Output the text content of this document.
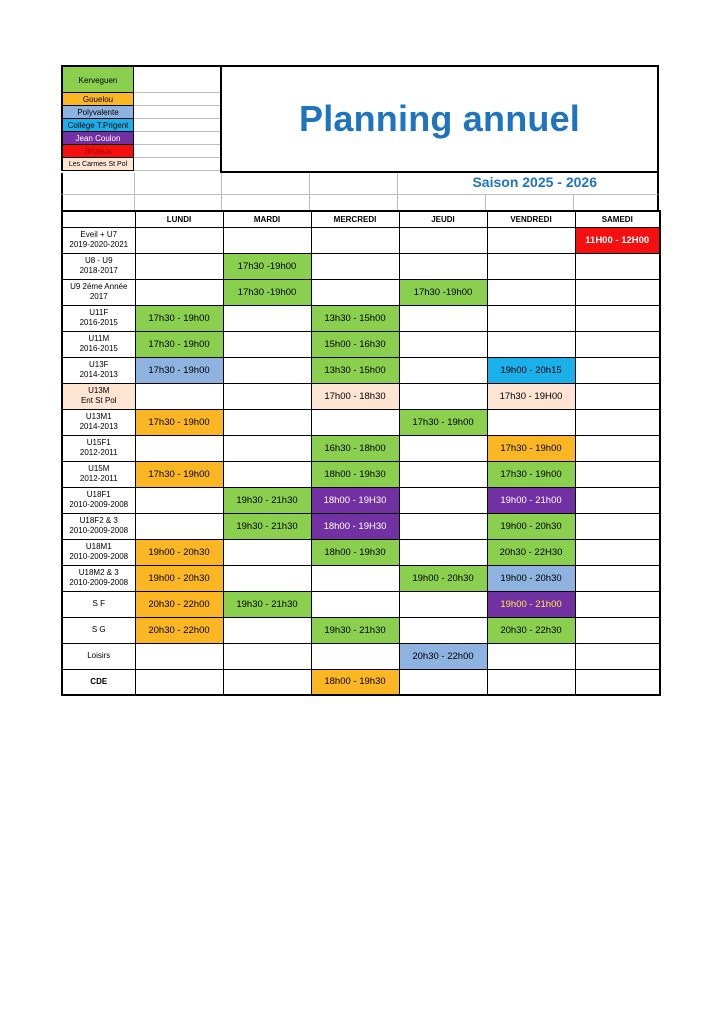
Kerveguen
Gouelou
Polyvalente
Collège T.Prigent
Jean Coulon
Brizeux
Les Carmes St Pol
Planning annuel
Saison 2025 - 2026
	LUNDI	MARDI	MERCREDI	JEUDI	VENDREDI	SAMEDI
Eveil + U7
2019-2020-2021						11H00 - 12H00
U8 - U9
2018-2017		17h30 -19h00				
U9 2éme Année
2017		17h30 -19h00		17h30 -19h00		
U11F
2016-2015	17h30 - 19h00		13h30 - 15h00			
U11M
2016-2015	17h30 - 19h00		15h00 - 16h30			
U13F
2014-2013	17h30 - 19h00		13h30 - 15h00		19h00 - 20h15	
U13M
Ent St Pol			17h00 - 18h30		17h30 - 19H00	
U13M1
2014-2013	17h30 - 19h00			17h30 - 19h00		
U15F1
2012-2011			16h30 - 18h00		17h30 - 19h00	
U15M
2012-2011	17h30 - 19h00		18h00 - 19h30		17h30 - 19h00	
U18F1
2010-2009-2008		19h30 - 21h30	18h00 - 19H30		19h00 - 21h00	
U18F2 & 3
2010-2009-2008		19h30 - 21h30	18h00 - 19H30		19h00 - 20h30	
U18M1
2010-2009-2008	19h00 - 20h30		18h00 - 19h30		20h30 - 22H30	
U18M2 & 3
2010-2009-2008	19h00 - 20h30			19h00 - 20h30	19h00 - 20h30	
S F	20h30 - 22h00	19h30 - 21h30			19h00 - 21h00	
S G	20h30 - 22h00		19h30 - 21h30		20h30 - 22h30	
Loisirs				20h30 - 22h00		
CDE			18h00 - 19h30			
